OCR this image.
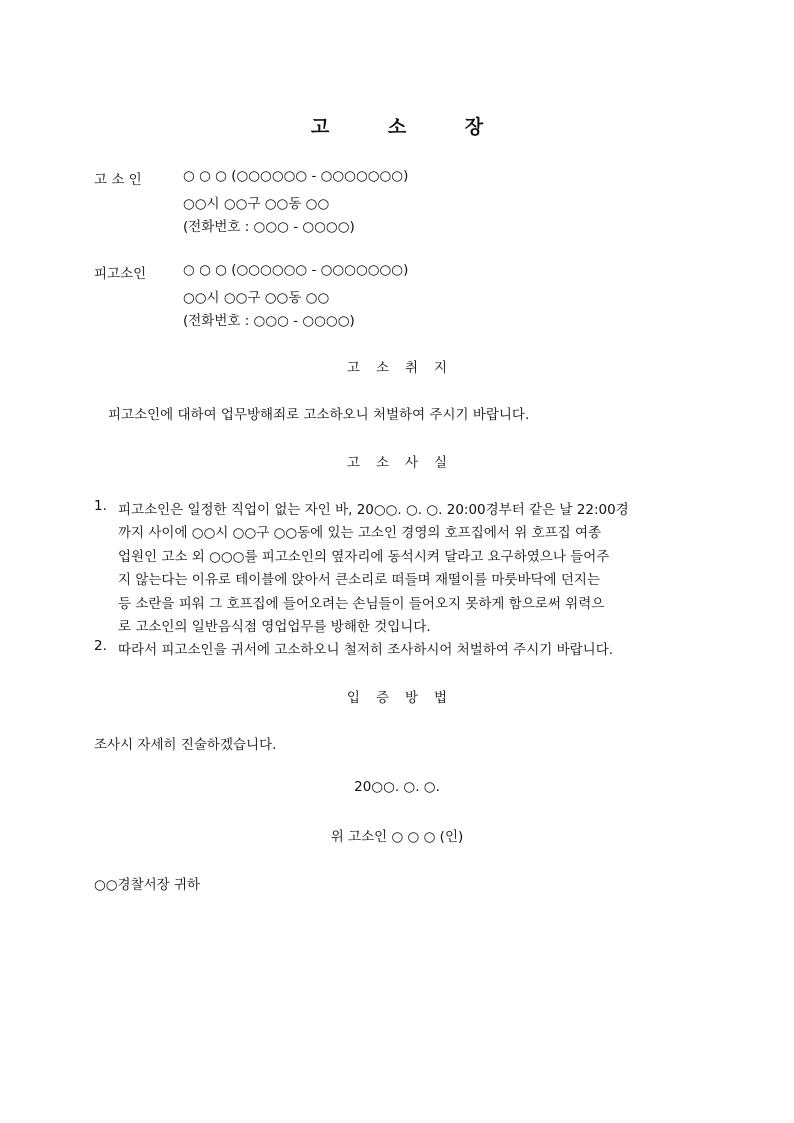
고 소 장
고 소 인	○ ○ ○ (○○○○○○ - ○○○○○○○)
○○시 ○○구 ○○동 ○○
(전화번호 : ○○○ - ○○○○)
피고소인	○ ○ ○ (○○○○○○ - ○○○○○○○)
○○시 ○○구 ○○동 ○○
(전화번호 : ○○○ - ○○○○)
고소취지
피고소인에 대하여 업무방해죄로 고소하오니 처벌하여 주시기 바랍니다.
고소사실
1. 피고소인은 일정한 직업이 없는 자인 바, 20○○. ○. ○. 20:00경부터 같은 날 22:00경
까지 사이에 ○○시 ○○구 ○○동에 있는 고소인 경영의 호프집에서 위 호프집 여종
업원인 고소 외 ○○○를 피고소인의 옆자리에 동석시켜 달라고 요구하였으나 들어주
지 않는다는 이유로 테이블에 앉아서 큰소리로 떠들며 재떨이를 마룻바닥에 던지는
등 소란을 피워 그 호프집에 들어오려는 손님들이 들어오지 못하게 함으로써 위력으
로 고소인의 일반음식점 영업업무를 방해한 것입니다.
2. 따라서 피고소인을 귀서에 고소하오니 철저히 조사하시어 처벌하여 주시기 바랍니다.
입증방법
조사시 자세히 진술하겠습니다.
20○○. ○. ○.
위 고소인 ○ ○ ○ (인)
○○경찰서장 귀하
